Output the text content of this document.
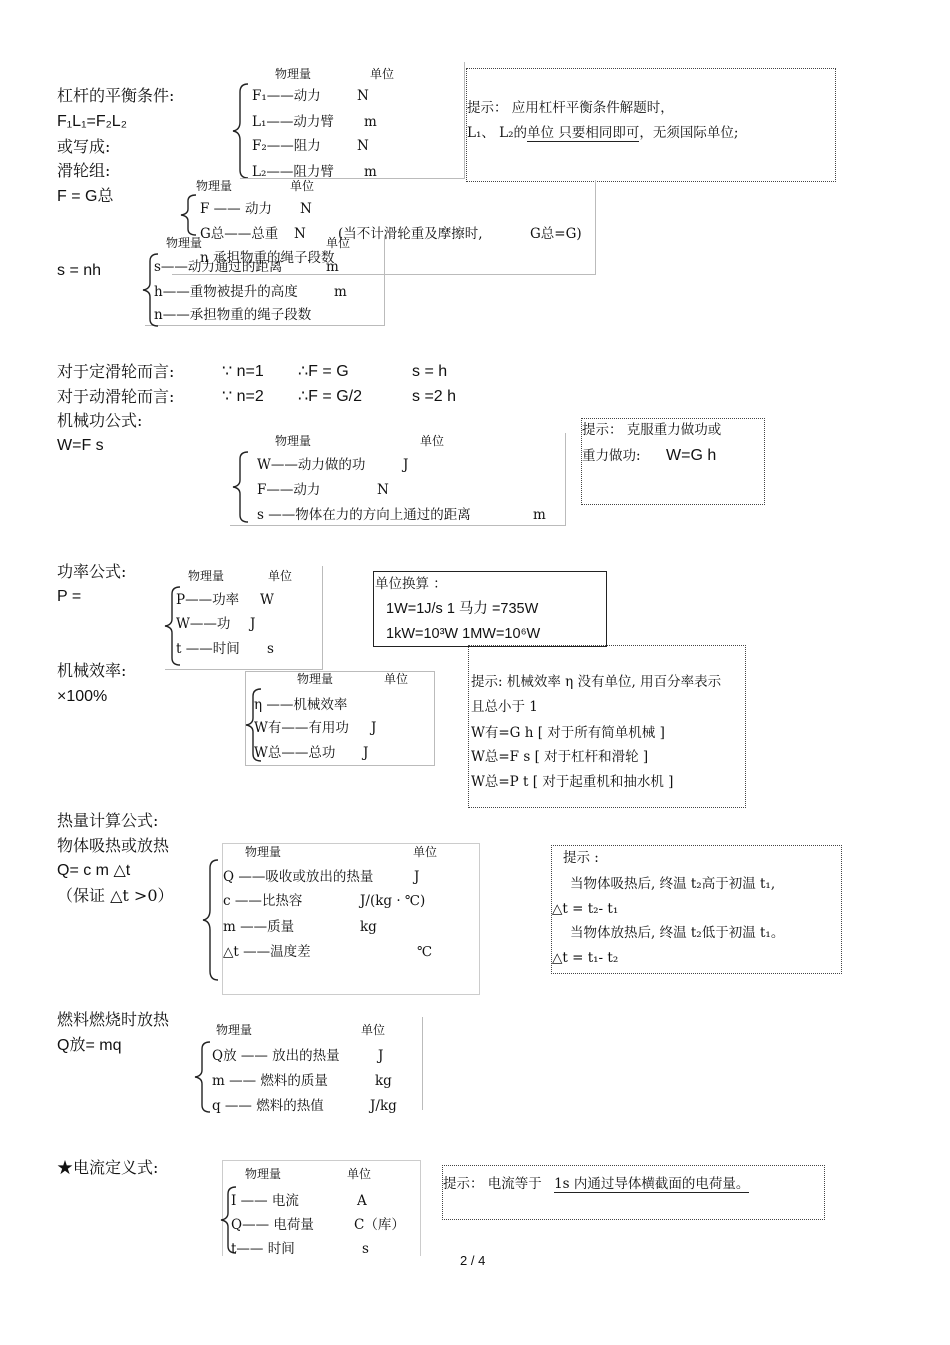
杠杆的平衡条件:
F₁L₁=F₂L₂
或写成:
物理量	单位
F₁——动力	N
L₁——动力臂 m
F₂——阻力	N
L₂——阻力臂 m
提示： 应用杠杆平衡条件解题时，
L₁、 L₂的单位 只要相同即可，无须国际单位;
滑轮组:
F = G总
物理量	单位
F —— 动力 N
G总——总重 N (当不计滑轮重及摩擦时,	G总=G)
n 承担物重的绳子段数
s = nh
物理量	单位
s——动力通过的距离	m
h——重物被提升的高度	m
n——承担物重的绳子段数
对于定滑轮而言:	∵ n=1 ∴F = G	s = h
对于动滑轮而言:	∵ n=2 ∴F = G/2	s =2 h
机械功公式:
W=F s	物理量	单位
W——动力做的功	J
F——动力	N
s ——物体在力的方向上通过的距离	m
提示： 克服重力做功或
重力做功: W=G h
功率公式:
P =
物理量	单位
P——功率 W
W——功 J
t ——时间 s
单位换算 ：
1W=1J/s 1 马力 =735W
1kW=10³W 1MW=10⁶W
机械效率:
×100%
物理量	单位
η ——机械效率
W有——有用功 J
W总——总功 J
提示: 机械效率 η 没有单位, 用百分率表示
且总小于 1
W有=G h [ 对于所有简单机械 ]
W总=F s [ 对于杠杆和滑轮 ]
W总=P t [ 对于起重机和抽水机 ]
热量计算公式:
物体吸热或放热
Q= c m △t
（保证 △t >0）
物理量	单位
Q ——吸收或放出的热量	J
c ——比热容	J/(kg · ℃)
m ——质量	kg
△t ——温度差	℃
提示 :
当物体吸热后, 终温 t₂高于初温 t₁,
△t = t₂- t₁
当物体放热后, 终温 t₂低于初温 t₁。
△t = t₁- t₂
燃料燃烧时放热
Q放= mq
物理量	单位
Q放 —— 放出的热量	J
m —— 燃料的质量	kg
q —— 燃料的热值	J/kg
★电流定义式:	物理量	单位
I —— 电流	A
Q—— 电荷量	C（库）
t—— 时间	s
提示： 电流等于 1s 内通过导体横截面的电荷量。
2 / 4
